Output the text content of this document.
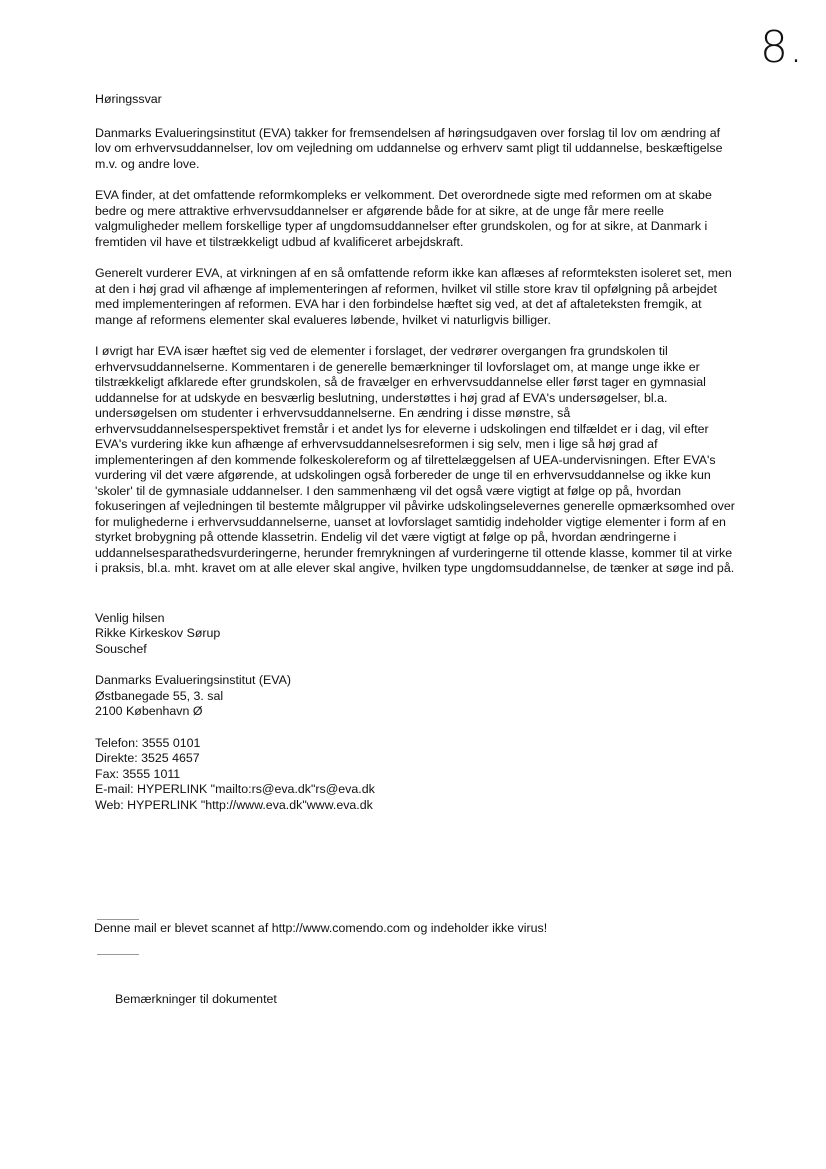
8.

Høringssvar

Danmarks Evalueringsinstitut (EVA) takker for fremsendelsen af høringsudgaven over forslag til lov om ændring af lov om erhvervsuddannelser, lov om vejledning om uddannelse og erhverv samt pligt til uddannelse, beskæftigelse m.v. og andre love.

EVA finder, at det omfattende reformkompleks er velkomment. Det overordnede sigte med reformen om at skabe bedre og mere attraktive erhvervsuddannelser er afgørende både for at sikre, at de unge får mere reelle valgmuligheder mellem forskellige typer af ungdomsuddannelser efter grundskolen, og for at sikre, at Danmark i fremtiden vil have et tilstrækkeligt udbud af kvalificeret arbejdskraft.

Generelt vurderer EVA, at virkningen af en så omfattende reform ikke kan aflæses af reformteksten isoleret set, men at den i høj grad vil afhænge af implementeringen af reformen, hvilket vil stille store krav til opfølgning på arbejdet med implementeringen af reformen. EVA har i den forbindelse hæftet sig ved, at det af aftaleteksten fremgik, at mange af reformens elementer skal evalueres løbende, hvilket vi naturligvis billiger.

I øvrigt har EVA især hæftet sig ved de elementer i forslaget, der vedrører overgangen fra grundskolen til erhvervsuddannelserne. Kommentaren i de generelle bemærkninger til lovforslaget om, at mange unge ikke er tilstrækkeligt afklarede efter grundskolen, så de fravælger en erhvervsuddannelse eller først tager en gymnasial uddannelse for at udskyde en besværlig beslutning, understøttes i høj grad af EVA's undersøgelser, bl.a. undersøgelsen om studenter i erhvervsuddannelserne. En ændring i disse mønstre, så erhvervsuddannelsesperspektivet fremstår i et andet lys for eleverne i udskolingen end tilfældet er i dag, vil efter EVA's vurdering ikke kun afhænge af erhvervsuddannelsesreformen i sig selv, men i lige så høj grad af implementeringen af den kommende folkeskolereform og af tilrettelæggelsen af UEA-undervisningen. Efter EVA's vurdering vil det være afgørende, at udskolingen også forbereder de unge til en erhvervsuddannelse og ikke kun 'skoler' til de gymnasiale uddannelser. I den sammenhæng vil det også være vigtigt at følge op på, hvordan fokuseringen af vejledningen til bestemte målgrupper vil påvirke udskolingselevernes generelle opmærksomhed over for mulighederne i erhvervsuddannelserne, uanset at lovforslaget samtidig indeholder vigtige elementer i form af en styrket brobygning på ottende klassetrin. Endelig vil det være vigtigt at følge op på, hvordan ændringerne i uddannelsesparathedsvurderingerne, herunder fremrykningen af vurderingerne til ottende klasse, kommer til at virke i praksis, bl.a. mht. kravet om at alle elever skal angive, hvilken type ungdomsuddannelse, de tænker at søge ind på.

Venlig hilsen

Rikke Kirkeskov Sørup

Souschef

Danmarks Evalueringsinstitut (EVA)

Østbanegade 55, 3. sal

2100 København Ø

Telefon: 3555 0101

Direkte: 3525 4657

Fax: 3555 1011

E-mail: HYPERLINK "mailto:rs@eva.dk"rs@eva.dk

Web: HYPERLINK "http://www.eva.dk"www.eva.dk

Denne mail er blevet scannet af http://www.comendo.com og indeholder ikke virus!
Bemærkninger til dokumentet
